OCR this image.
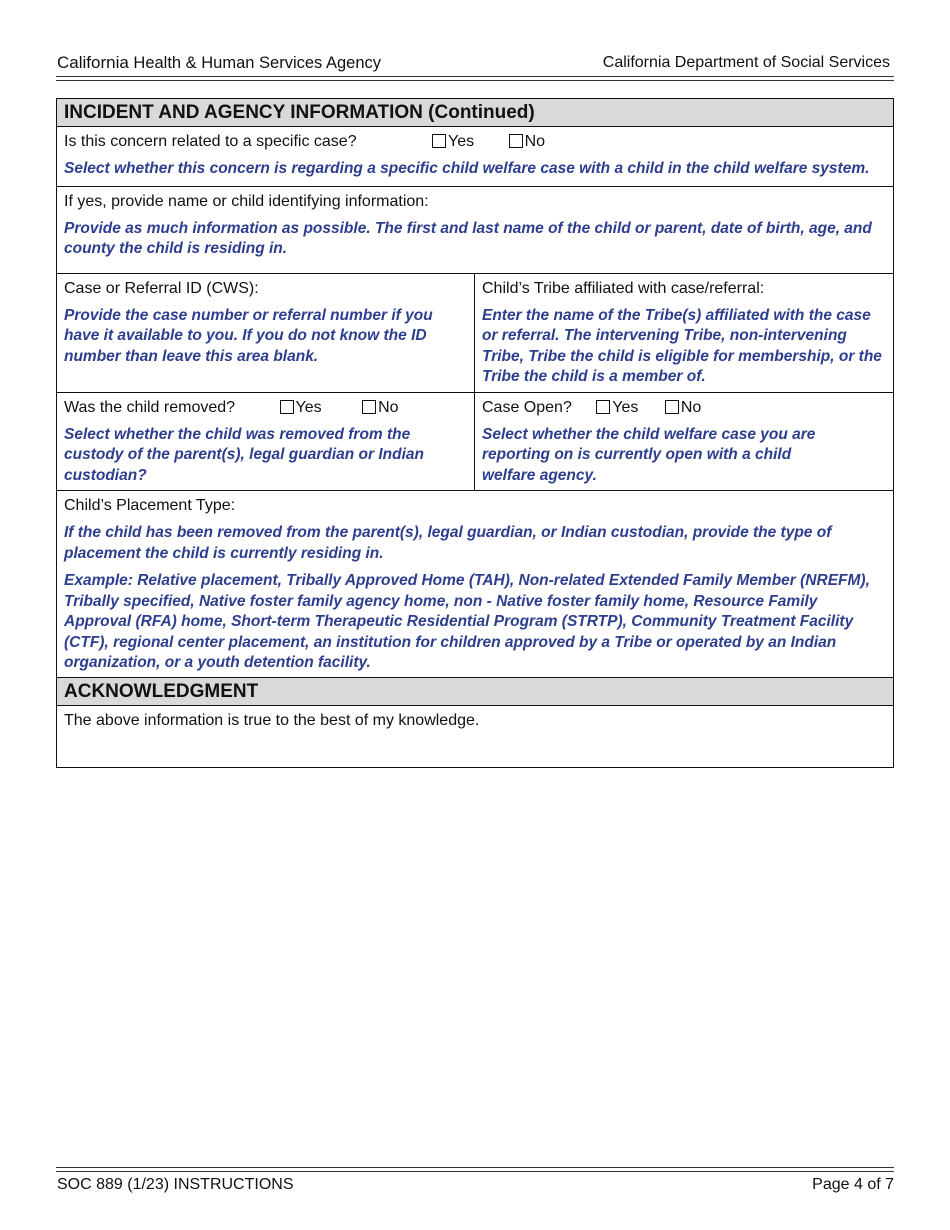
California Health & Human Services Agency	California Department of Social Services
INCIDENT AND AGENCY INFORMATION (Continued)
Is this concern related to a specific case?	Yes	No
Select whether this concern is regarding a specific child welfare case with a child in the child welfare system.
If yes, provide name or child identifying information:
Provide as much information as possible. The first and last name of the child or parent, date of birth, age, and county the child is residing in.
Case or Referral ID (CWS):
Provide the case number or referral number if you have it available to you. If you do not know the ID number than leave this area blank.
Child’s Tribe affiliated with case/referral:
Enter the name of the Tribe(s) affiliated with the case or referral. The intervening Tribe, non-intervening Tribe, Tribe the child is eligible for membership, or the Tribe the child is a member of.
Was the child removed?	Yes	No
Select whether the child was removed from the custody of the parent(s), legal guardian or Indian custodian?
Case Open?	Yes	No
Select whether the child welfare case you are reporting on is currently open with a child welfare agency.
Child’s Placement Type:
If the child has been removed from the parent(s), legal guardian, or Indian custodian, provide the type of placement the child is currently residing in.
Example: Relative placement, Tribally Approved Home (TAH), Non-related Extended Family Member (NREFM), Tribally specified, Native foster family agency home, non - Native foster family home, Resource Family Approval (RFA) home, Short-term Therapeutic Residential Program (STRTP), Community Treatment Facility (CTF), regional center placement, an institution for children approved by a Tribe or operated by an Indian organization, or a youth detention facility.
ACKNOWLEDGMENT
The above information is true to the best of my knowledge.
SOC 889 (1/23) INSTRUCTIONS	Page 4 of 7
